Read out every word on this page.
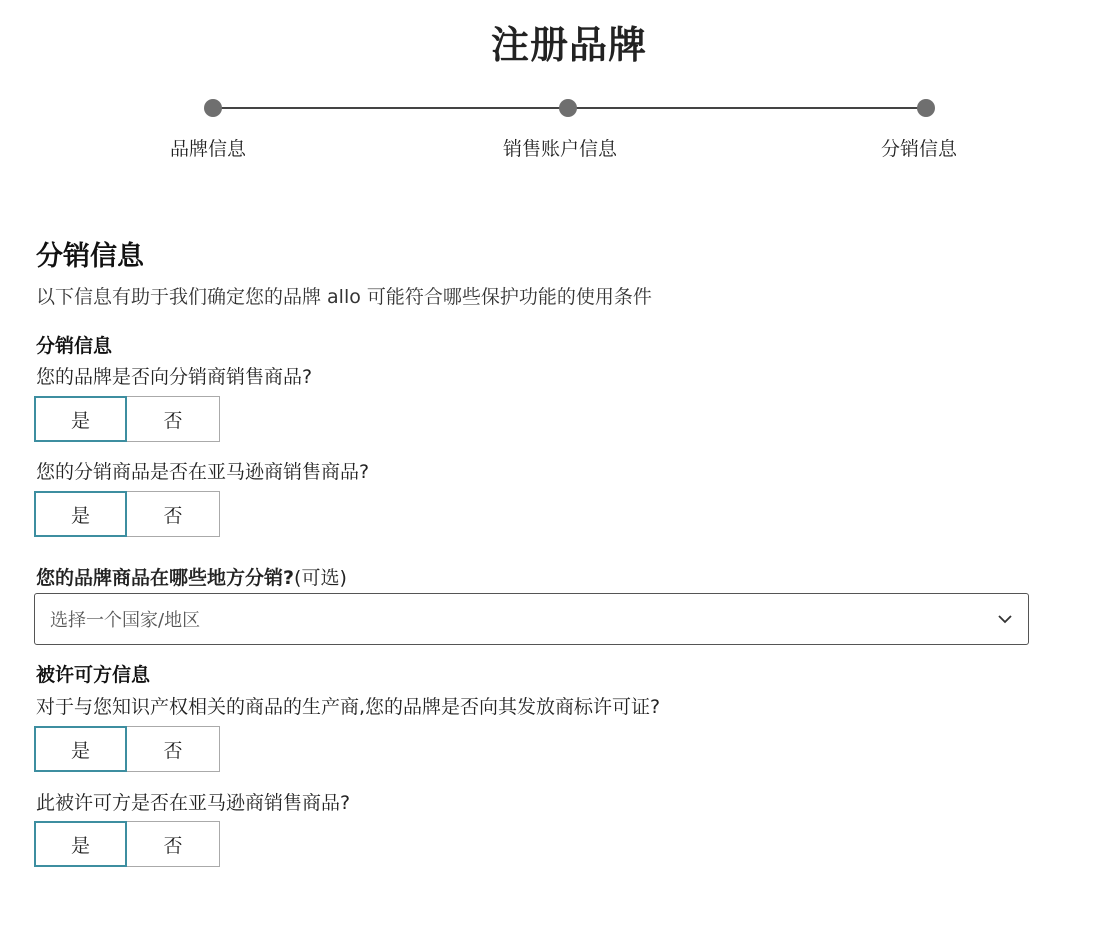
注册品牌
品牌信息	销售账户信息	分销信息
分销信息
以下信息有助于我们确定您的品牌 allo 可能符合哪些保护功能的使用条件
分销信息
您的品牌是否向分销商销售商品?
是	否
您的分销商品是否在亚马逊商销售商品?
是	否
您的品牌商品在哪些地方分销?(可选)
选择一个国家/地区
被许可方信息
对于与您知识产权相关的商品的生产商,您的品牌是否向其发放商标许可证?
是	否
此被许可方是否在亚马逊商销售商品?
是	否
